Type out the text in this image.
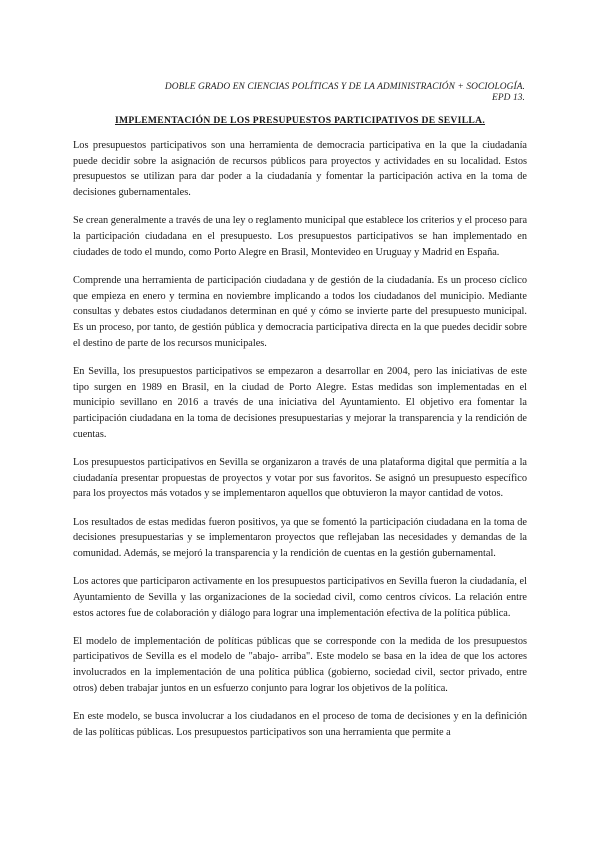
DOBLE GRADO EN CIENCIAS POLÍTICAS Y DE LA ADMINISTRACIÓN + SOCIOLOGÍA.
EPD 13.
IMPLEMENTACIÓN DE LOS PRESUPUESTOS PARTICIPATIVOS DE SEVILLA.

Los presupuestos participativos son una herramienta de democracia participativa en la que la ciudadanía puede decidir sobre la asignación de recursos públicos para proyectos y actividades en su localidad. Estos presupuestos se utilizan para dar poder a la ciudadanía y fomentar la participación activa en la toma de decisiones gubernamentales.

Se crean generalmente a través de una ley o reglamento municipal que establece los criterios y el proceso para la participación ciudadana en el presupuesto. Los presupuestos participativos se han implementado en ciudades de todo el mundo, como Porto Alegre en Brasil, Montevideo en Uruguay y Madrid en España.

Comprende una herramienta de participación ciudadana y de gestión de la ciudadanía. Es un proceso cíclico que empieza en enero y termina en noviembre implicando a todos los ciudadanos del municipio. Mediante consultas y debates estos ciudadanos determinan en qué y cómo se invierte parte del presupuesto municipal. Es un proceso, por tanto, de gestión pública y democracia participativa directa en la que puedes decidir sobre el destino de parte de los recursos municipales.

En Sevilla, los presupuestos participativos se empezaron a desarrollar en 2004, pero las iniciativas de este tipo surgen en 1989 en Brasil, en la ciudad de Porto Alegre. Estas medidas son implementadas en el municipio sevillano en 2016 a través de una iniciativa del Ayuntamiento. El objetivo era fomentar la participación ciudadana en la toma de decisiones presupuestarias y mejorar la transparencia y la rendición de cuentas.

Los presupuestos participativos en Sevilla se organizaron a través de una plataforma digital que permitía a la ciudadanía presentar propuestas de proyectos y votar por sus favoritos. Se asignó un presupuesto específico para los proyectos más votados y se implementaron aquellos que obtuvieron la mayor cantidad de votos.

Los resultados de estas medidas fueron positivos, ya que se fomentó la participación ciudadana en la toma de decisiones presupuestarias y se implementaron proyectos que reflejaban las necesidades y demandas de la comunidad. Además, se mejoró la transparencia y la rendición de cuentas en la gestión gubernamental.

Los actores que participaron activamente en los presupuestos participativos en Sevilla fueron la ciudadanía, el Ayuntamiento de Sevilla y las organizaciones de la sociedad civil, como centros cívicos. La relación entre estos actores fue de colaboración y diálogo para lograr una implementación efectiva de la política pública.

El modelo de implementación de políticas públicas que se corresponde con la medida de los presupuestos participativos de Sevilla es el modelo de "abajo- arriba". Este modelo se basa en la idea de que los actores involucrados en la implementación de una política pública (gobierno, sociedad civil, sector privado, entre otros) deben trabajar juntos en un esfuerzo conjunto para lograr los objetivos de la política.

En este modelo, se busca involucrar a los ciudadanos en el proceso de toma de decisiones y en la definición de las políticas públicas. Los presupuestos participativos son una herramienta que permite a
